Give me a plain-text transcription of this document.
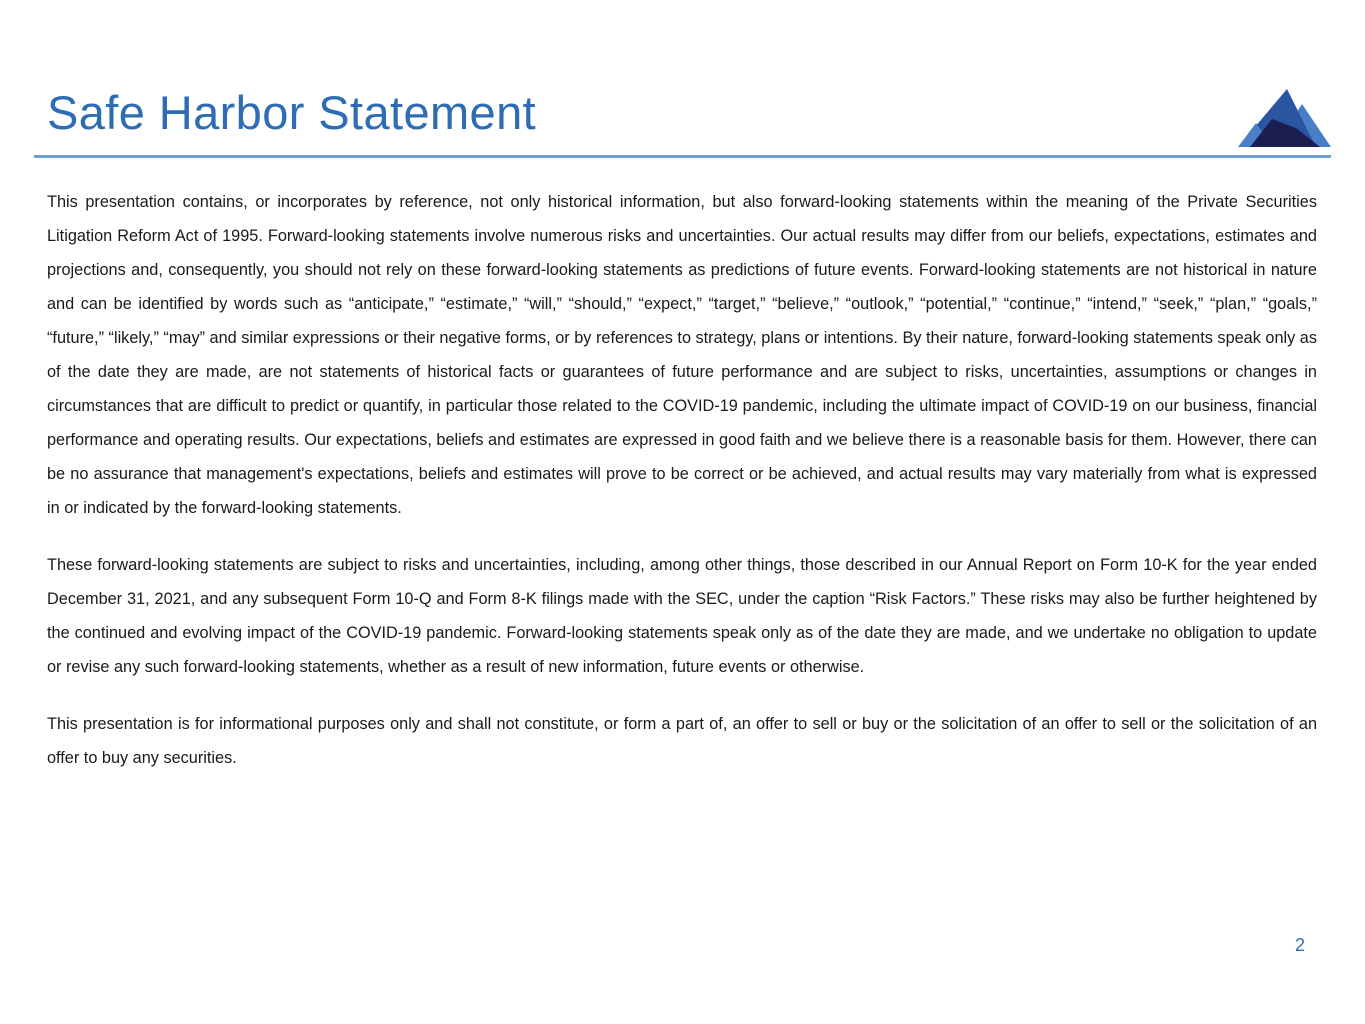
Safe Harbor Statement

This presentation contains, or incorporates by reference, not only historical information, but also forward-looking statements within the meaning of the Private Securities Litigation Reform Act of 1995. Forward-looking statements involve numerous risks and uncertainties. Our actual results may differ from our beliefs, expectations, estimates and projections and, consequently, you should not rely on these forward-looking statements as predictions of future events. Forward-looking statements are not historical in nature and can be identified by words such as “anticipate,” “estimate,” “will,” “should,” “expect,” “target,” “believe,” “outlook,” “potential,” “continue,” “intend,” “seek,” “plan,” “goals,” “future,” “likely,” “may” and similar expressions or their negative forms, or by references to strategy, plans or intentions. By their nature, forward-looking statements speak only as of the date they are made, are not statements of historical facts or guarantees of future performance and are subject to risks, uncertainties, assumptions or changes in circumstances that are difficult to predict or quantify, in particular those related to the COVID-19 pandemic, including the ultimate impact of COVID-19 on our business, financial performance and operating results. Our expectations, beliefs and estimates are expressed in good faith and we believe there is a reasonable basis for them. However, there can be no assurance that management's expectations, beliefs and estimates will prove to be correct or be achieved, and actual results may vary materially from what is expressed in or indicated by the forward-looking statements.

These forward-looking statements are subject to risks and uncertainties, including, among other things, those described in our Annual Report on Form 10-K for the year ended December 31, 2021, and any subsequent Form 10-Q and Form 8-K filings made with the SEC, under the caption “Risk Factors.” These risks may also be further heightened by the continued and evolving impact of the COVID-19 pandemic. Forward-looking statements speak only as of the date they are made, and we undertake no obligation to update or revise any such forward-looking statements, whether as a result of new information, future events or otherwise.

This presentation is for informational purposes only and shall not constitute, or form a part of, an offer to sell or buy or the solicitation of an offer to sell or the solicitation of an offer to buy any securities.

2
